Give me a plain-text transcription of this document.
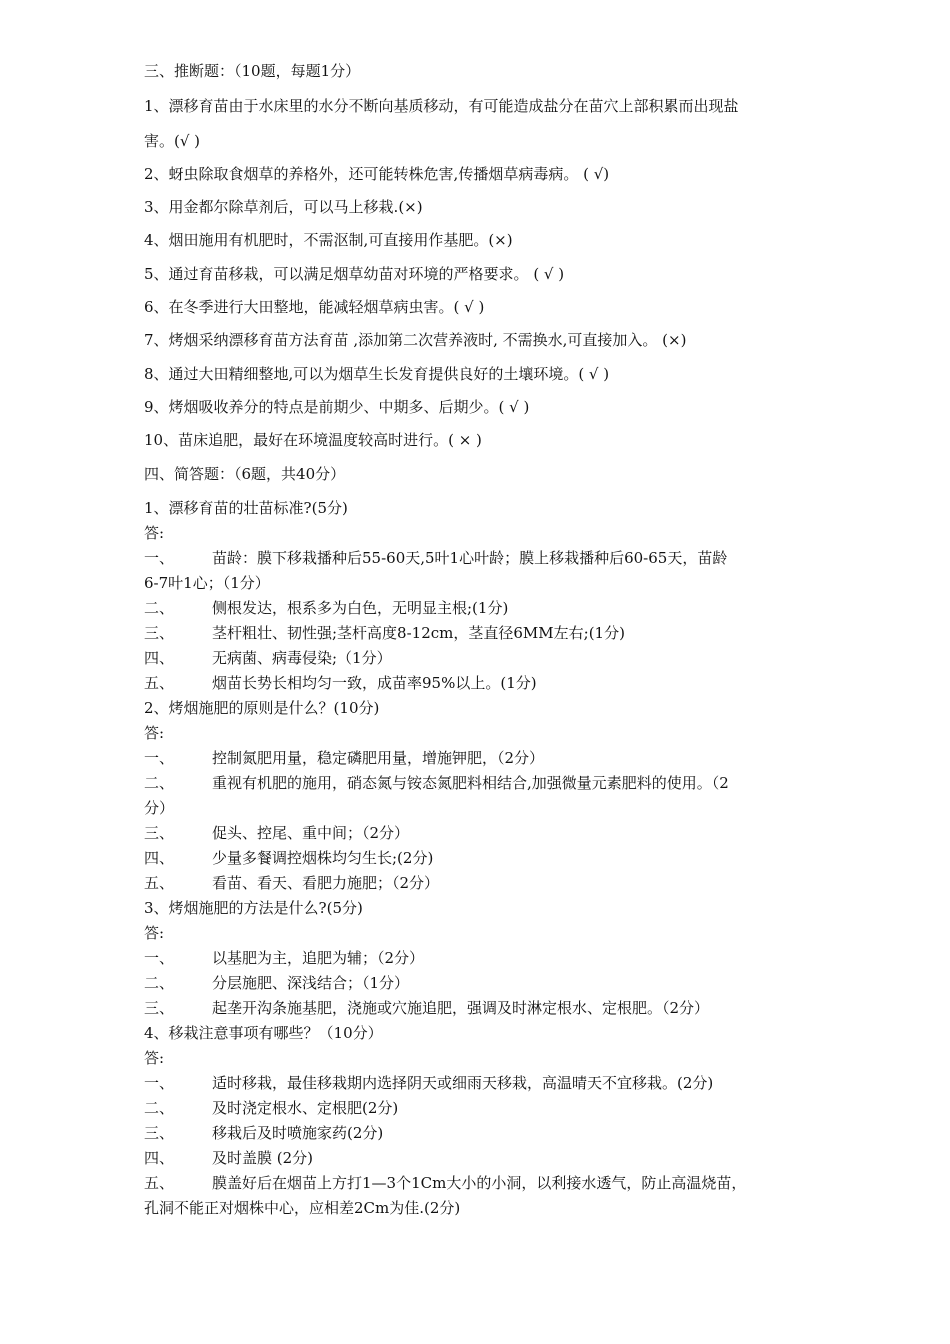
三、推断题：（10题，每题1分）
1、漂移育苗由于水床里的水分不断向基质移动，有可能造成盐分在苗穴上部积累而出现盐
害。(√ )
2、蚜虫除取食烟草的养格外，还可能转株危害,传播烟草病毒病。 ( √)
3、用金都尔除草剂后，可以马上移栽.(×)
4、烟田施用有机肥时，不需沤制,可直接用作基肥。(×)
5、通过育苗移栽，可以满足烟草幼苗对环境的严格要求。 ( √ )
6、在冬季进行大田整地，能减轻烟草病虫害。( √ )
7、烤烟采纳漂移育苗方法育苗 ,添加第二次营养液时, 不需换水,可直接加入。 (×)
8、通过大田精细整地,可以为烟草生长发育提供良好的土壤环境。( √ )
9、烤烟吸收养分的特点是前期少、中期多、后期少。( √ )
10、苗床追肥，最好在环境温度较高时进行。( × )
四、简答题：（6题，共40分）
1、漂移育苗的壮苗标准?(5分)
答:
一、	苗龄：膜下移栽播种后55-60天,5叶1心叶龄；膜上移栽播种后60-65天，苗龄
6-7叶1心；（1分）
二、	侧根发达，根系多为白色，无明显主根;(1分)
三、	茎杆粗壮、韧性强;茎杆高度8-12cm，茎直径6MM左右;(1分)
四、	无病菌、病毒侵染;（1分）
五、	烟苗长势长相均匀一致，成苗率95%以上。(1分)
2、烤烟施肥的原则是什么？(10分)
答:
一、	控制氮肥用量，稳定磷肥用量，增施钾肥，（2分）
二、	重视有机肥的施用，硝态氮与铵态氮肥料相结合,加强微量元素肥料的使用。（2
分）
三、	促头、控尾、重中间；（2分）
四、	少量多餐调控烟株均匀生长;(2分)
五、	看苗、看天、看肥力施肥；（2分）
3、烤烟施肥的方法是什么?(5分)
答:
一、	以基肥为主，追肥为辅；（2分）
二、	分层施肥、深浅结合；（1分）
三、	起垄开沟条施基肥，浇施或穴施追肥，强调及时淋定根水、定根肥。（2分）
4、移栽注意事项有哪些？（10分）
答:
一、	适时移栽，最佳移栽期内选择阴天或细雨天移栽，高温晴天不宜移栽。(2分)
二、	及时浇定根水、定根肥(2分)
三、	移栽后及时喷施家药(2分)
四、	及时盖膜 (2分)
五、	膜盖好后在烟苗上方打1—3个1Cm大小的小洞，以利接水透气，防止高温烧苗，
孔洞不能正对烟株中心，应相差2Cm为佳.(2分)
